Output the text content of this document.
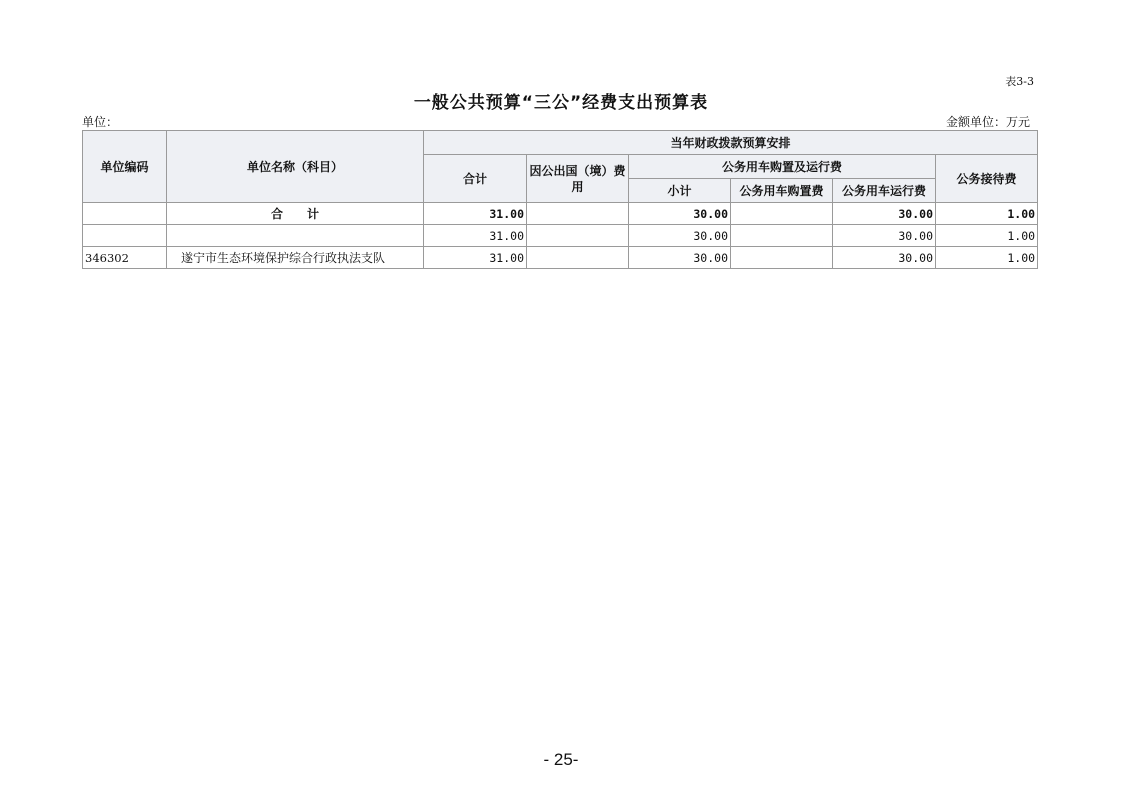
表3-3
一般公共预算“三公”经费支出预算表
单位：	金额单位：万元
单位编码	单位名称（科目）	当年财政拨款预算安排					
		合计	因公出国（境）费用	公务用车购置及运行费			公务接待费
				小计	公务用车购置费	公务用车运行费	
	合　　计	31.00		30.00		30.00	1.00
		31.00		30.00		30.00	1.00
346302	遂宁市生态环境保护综合行政执法支队	31.00		30.00		30.00	1.00
- 25-
